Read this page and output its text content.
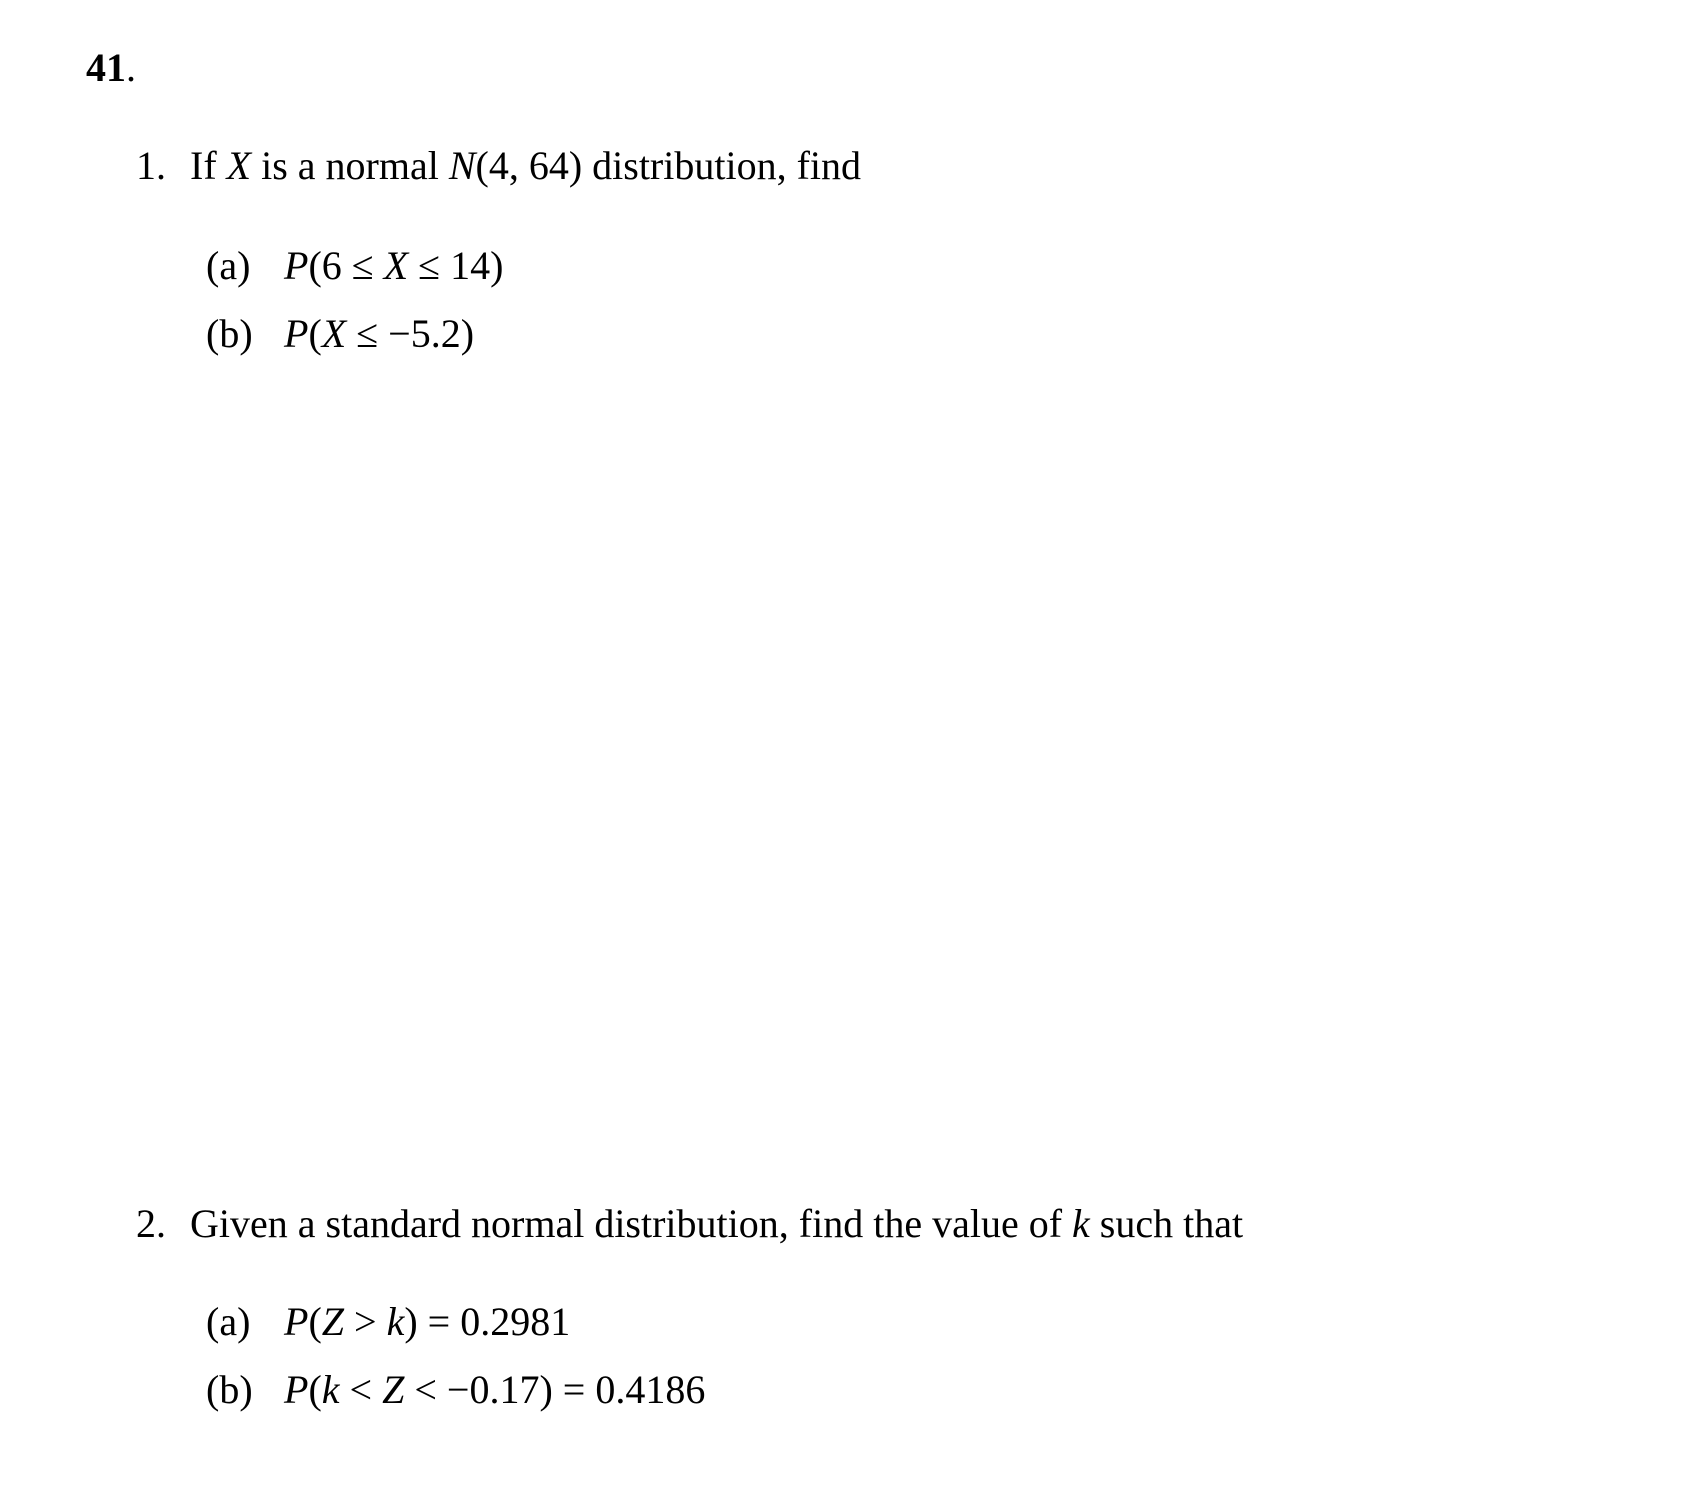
41.
1. If X is a normal N(4, 64) distribution, find
(a) P(6 ≤ X ≤ 14)
(b) P(X ≤ −5.2)
2. Given a standard normal distribution, find the value of k such that
(a) P(Z > k) = 0.2981
(b) P(k < Z < −0.17) = 0.4186
